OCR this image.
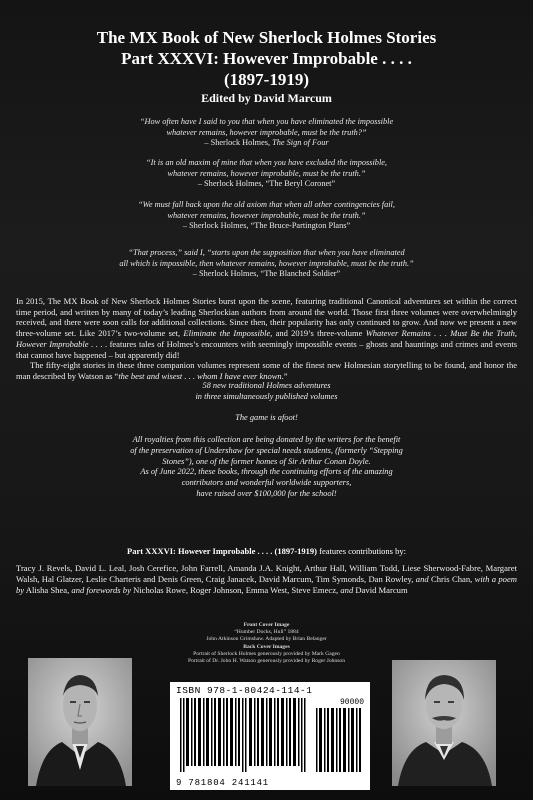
The MX Book of New Sherlock Holmes Stories
Part XXXVI: However Improbable . . . .
(1897-1919)
Edited by David Marcum
“How often have I said to you that when you have eliminated the impossible
whatever remains, however improbable, must be the truth?”
– Sherlock Holmes, The Sign of Four
“It is an old maxim of mine that when you have excluded the impossible,
whatever remains, however improbable, must be the truth.”
– Sherlock Holmes, “The Beryl Coronet”
“We must fall back upon the old axiom that when all other contingencies fail,
whatever remains, however improbable, must be the truth.”
– Sherlock Holmes, “The Bruce-Partington Plans”
“That process,” said I, “starts upon the supposition that when you have eliminated
all which is impossible, then whatever remains, however improbable, must be the truth.”
– Sherlock Holmes, “The Blanched Soldier”

In 2015, The MX Book of New Sherlock Holmes Stories burst upon the scene, featuring traditional Canonical adventures set within the correct time period, and written by many of today’s leading Sherlockian authors from around the world. Those first three volumes were overwhelmingly received, and there were soon calls for additional collections. Since then, their popularity has only continued to grow. And now we present a new three-volume set. Like 2017’s two-volume set, Eliminate the Impossible, and 2019’s three-volume Whatever Remains . . . Must Be the Truth, However Improbable . . . . features tales of Holmes’s encounters with seemingly impossible events – ghosts and hauntings and crimes and events that cannot have happened – but apparently did!

The fifty-eight stories in these three companion volumes represent some of the finest new Holmesian storytelling to be found, and honor the man described by Watson as “the best and wisest . . . whom I have ever known.”

58 new traditional Holmes adventures
in three simultaneously published volumes
The game is afoot!
All royalties from this collection are being donated by the writers for the benefit
of the preservation of Undershaw for special needs students, (formerly “Stepping
Stones”), one of the former homes of Sir Arthur Conan Doyle.
As of June 2022, these books, through the continuing efforts of the amazing
contributors and wonderful worldwide supporters,
have raised over $100,000 for the school!
Part XXXVI: However Improbable . . . . (1897-1919) features contributions by:
Tracy J. Revels, David L. Leal, Josh Cerefice, John Farrell, Amanda J.A. Knight, Arthur Hall, William Todd, Liese Sherwood-Fabre, Margaret Walsh, Hal Glatzer, Leslie Charteris and Denis Green, Craig Janacek, David Marcum, Tim Symonds, Dan Rowley, and Chris Chan, with a poem by Alisha Shea, and forewords by Nicholas Rowe, Roger Johnson, Emma West, Steve Emecz, and David Marcum
Front Cover Image
“Humber Docks, Hull” 1884
John Atkinson Grimshaw. Adapted by Brian Belanger
Back Cover Images
Portrait of Sherlock Holmes generously provided by Mark Gagen
Portrait of Dr. John H. Watson generously provided by Roger Johnson
ISBN 978-1-80424-114-1
90000
9 781804 241141
